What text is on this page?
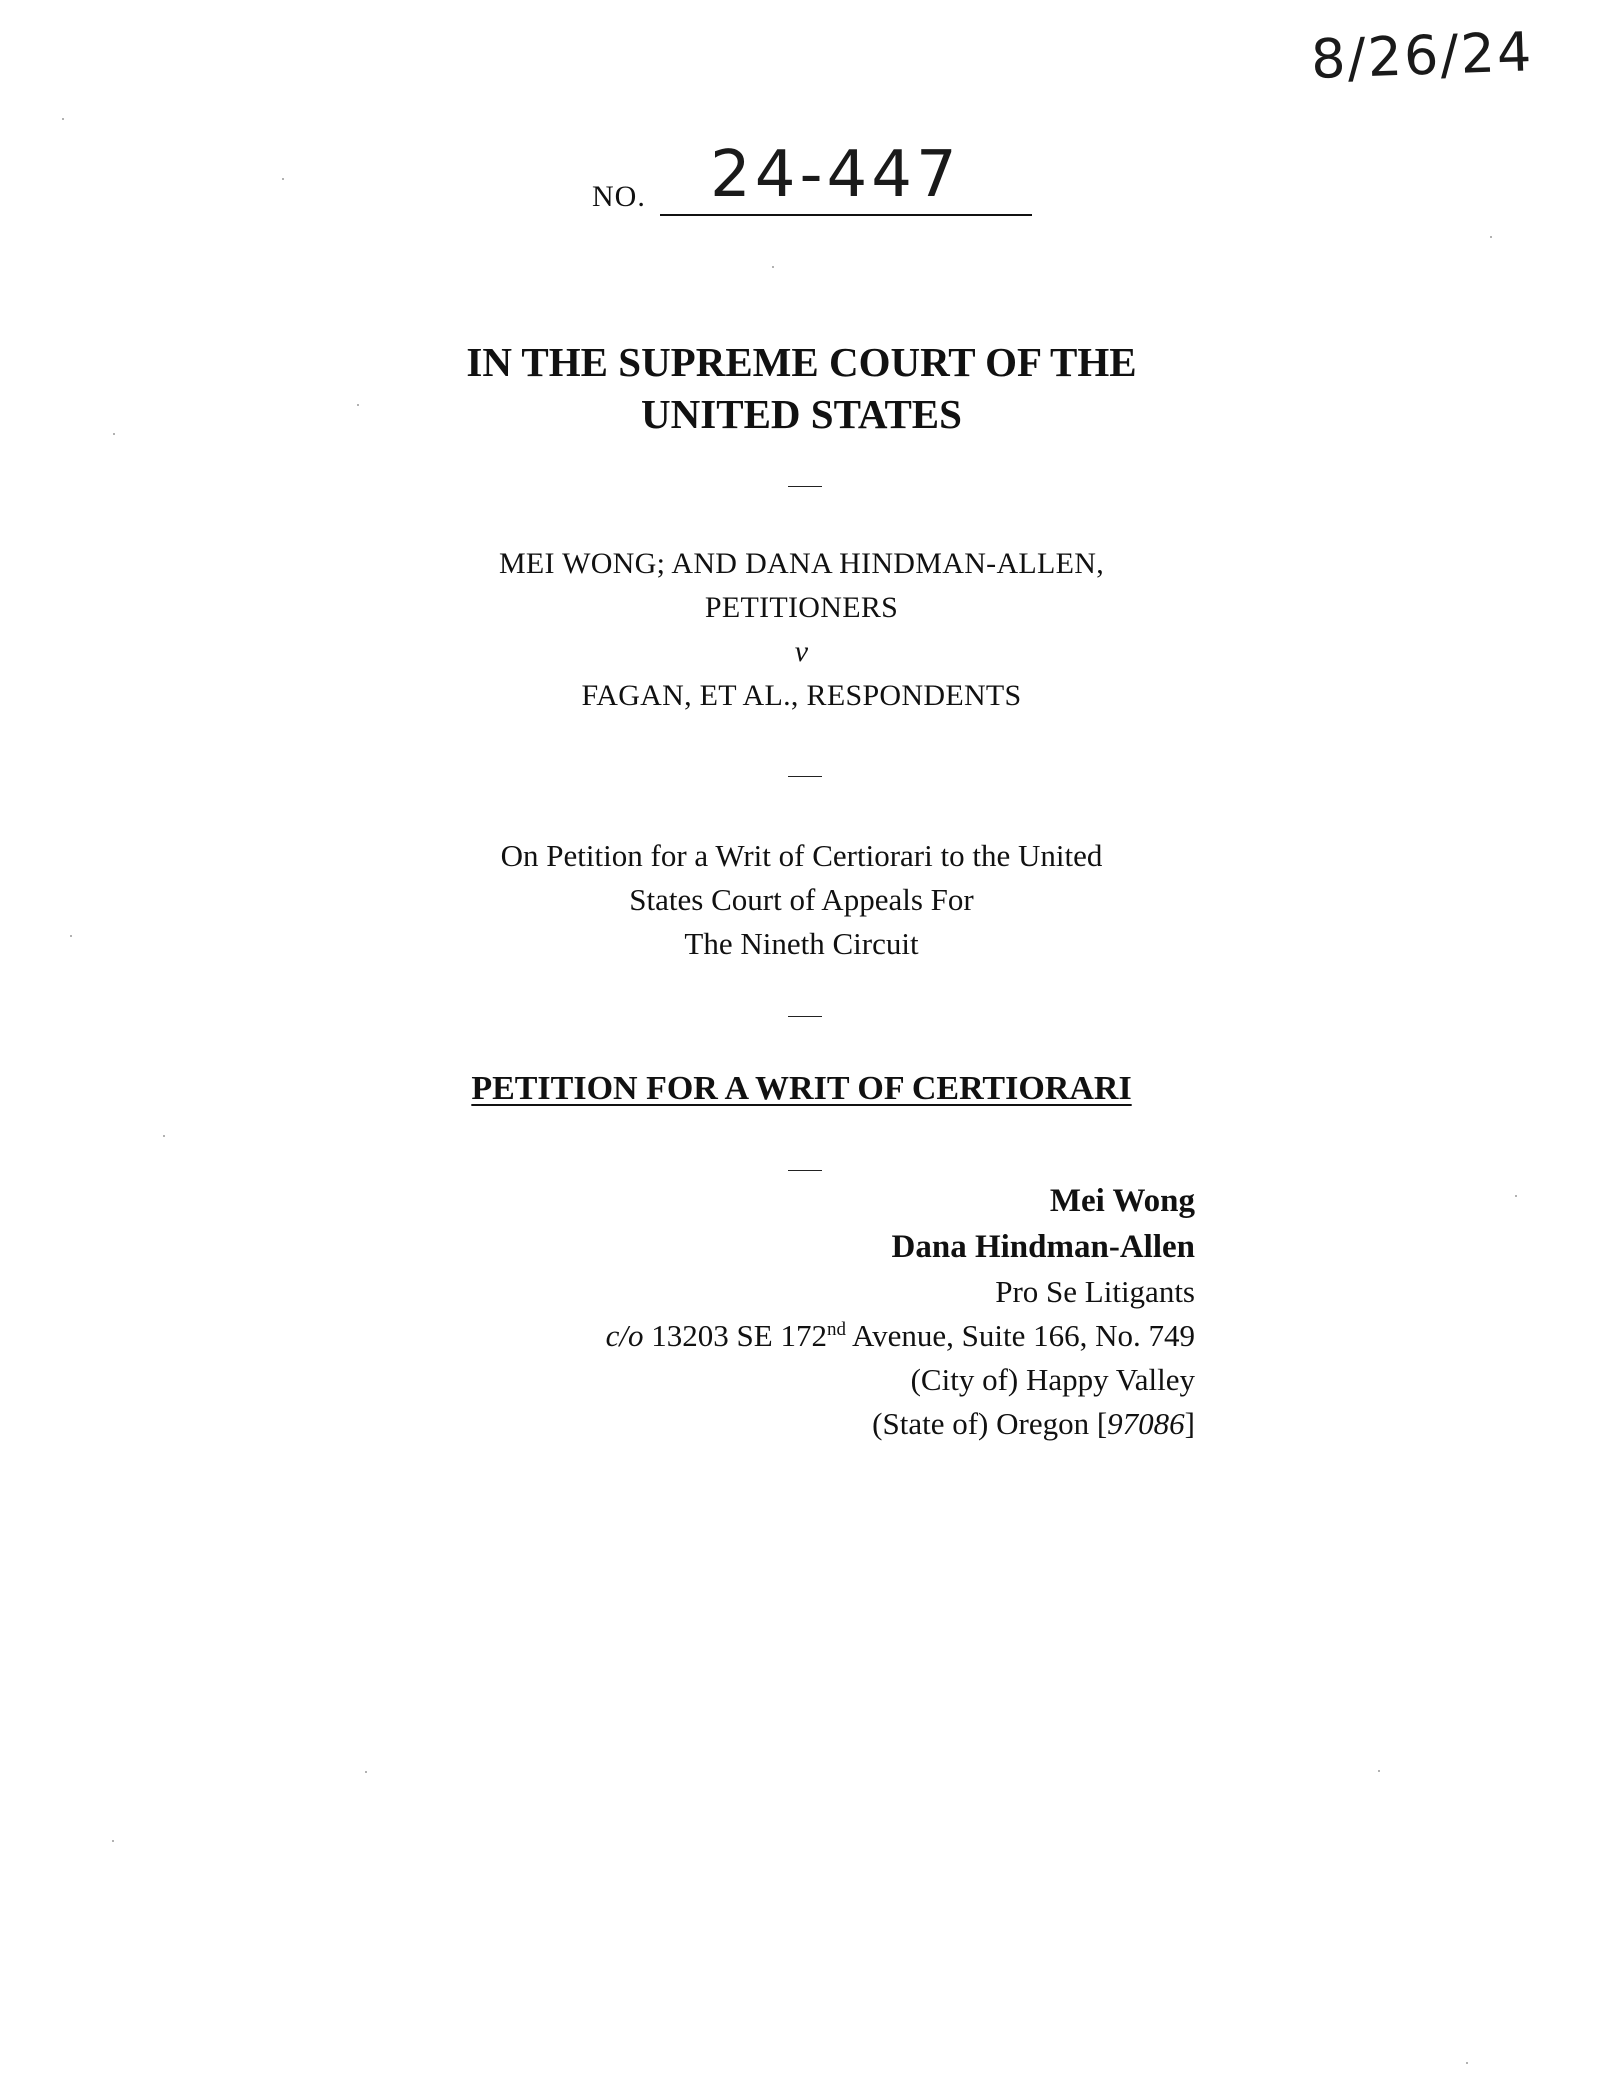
8/26/24
NO. 24-447
IN THE SUPREME COURT OF THE
UNITED STATES
MEI WONG; AND DANA HINDMAN-ALLEN,
PETITIONERS
v
FAGAN, ET AL., RESPONDENTS
On Petition for a Writ of Certiorari to the United
States Court of Appeals For
The Nineth Circuit
PETITION FOR A WRIT OF CERTIORARI
Mei Wong
Dana Hindman-Allen
Pro Se Litigants
c/o 13203 SE 172nd Avenue, Suite 166, No. 749
(City of) Happy Valley
(State of) Oregon [97086]
